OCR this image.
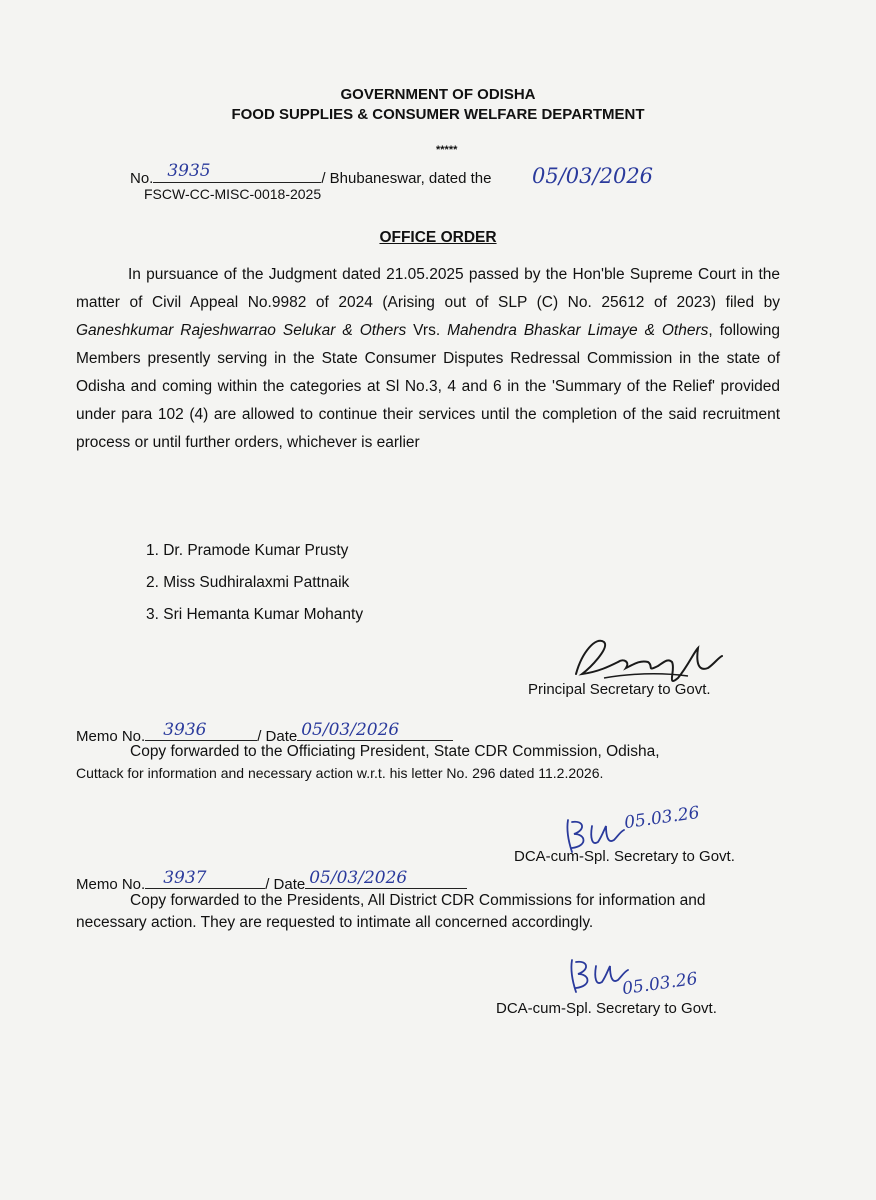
GOVERNMENT OF ODISHA
FOOD SUPPLIES & CONSUMER WELFARE DEPARTMENT
*****
No. 3935	/ Bhubaneswar, dated the 05/03/2026
FSCW-CC-MISC-0018-2025
OFFICE ORDER

In pursuance of the Judgment dated 21.05.2025 passed by the Hon'ble Supreme Court in the matter of Civil Appeal No.9982 of 2024 (Arising out of SLP (C) No. 25612 of 2023) filed by Ganeshkumar Rajeshwarrao Selukar & Others Vrs. Mahendra Bhaskar Limaye & Others, following Members presently serving in the State Consumer Disputes Redressal Commission in the state of Odisha and coming within the categories at Sl No.3, 4 and 6 in the 'Summary of the Relief' provided under para 102 (4) are allowed to continue their services until the completion of the said recruitment process or until further orders, whichever is earlier

1. Dr. Pramode Kumar Prusty
2. Miss Sudhiralaxmi Pattnaik
3. Sri Hemanta Kumar Mohanty
Principal Secretary to Govt.
Memo No. 3936	/ Date 05/03/2026
Copy forwarded to the Officiating President, State CDR Commission, Odisha,
Cuttack for information and necessary action w.r.t. his letter No. 296 dated 11.2.2026.
05.03.26
DCA-cum-Spl. Secretary to Govt.
Memo No. 3937	/ Date 05/03/2026
Copy forwarded to the Presidents, All District CDR Commissions for information and
necessary action. They are requested to intimate all concerned accordingly.
05.03.26
DCA-cum-Spl. Secretary to Govt.
